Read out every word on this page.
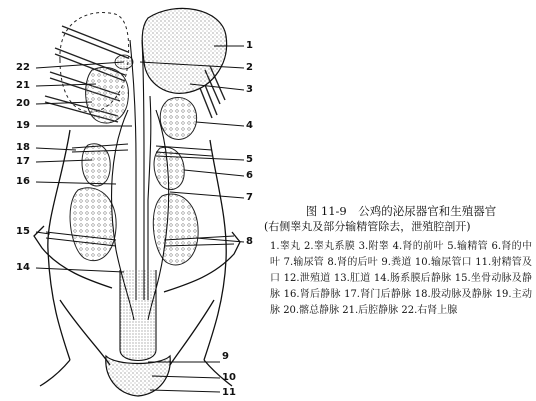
1
2
3
4
5
6
7
8
9
10
11
22
21
20
19
18
17
16
15
14

图 11-9　公鸡的泌尿器官和生殖器官

(右侧睾丸及部分输精管除去，泄殖腔剖开)

1.睾丸 2.睾丸系膜 3.附睾 4.肾的前叶 5.输精管 6.肾的中叶 7.输尿管 8.肾的后叶 9.粪道 10.输尿管口 11.射精管及口 12.泄殖道 13.肛道 14.肠系膜后静脉 15.坐骨动脉及静脉 16.肾后静脉 17.肾门后静脉 18.股动脉及静脉 19.主动脉 20.髂总静脉 21.后腔静脉 22.右肾上腺
